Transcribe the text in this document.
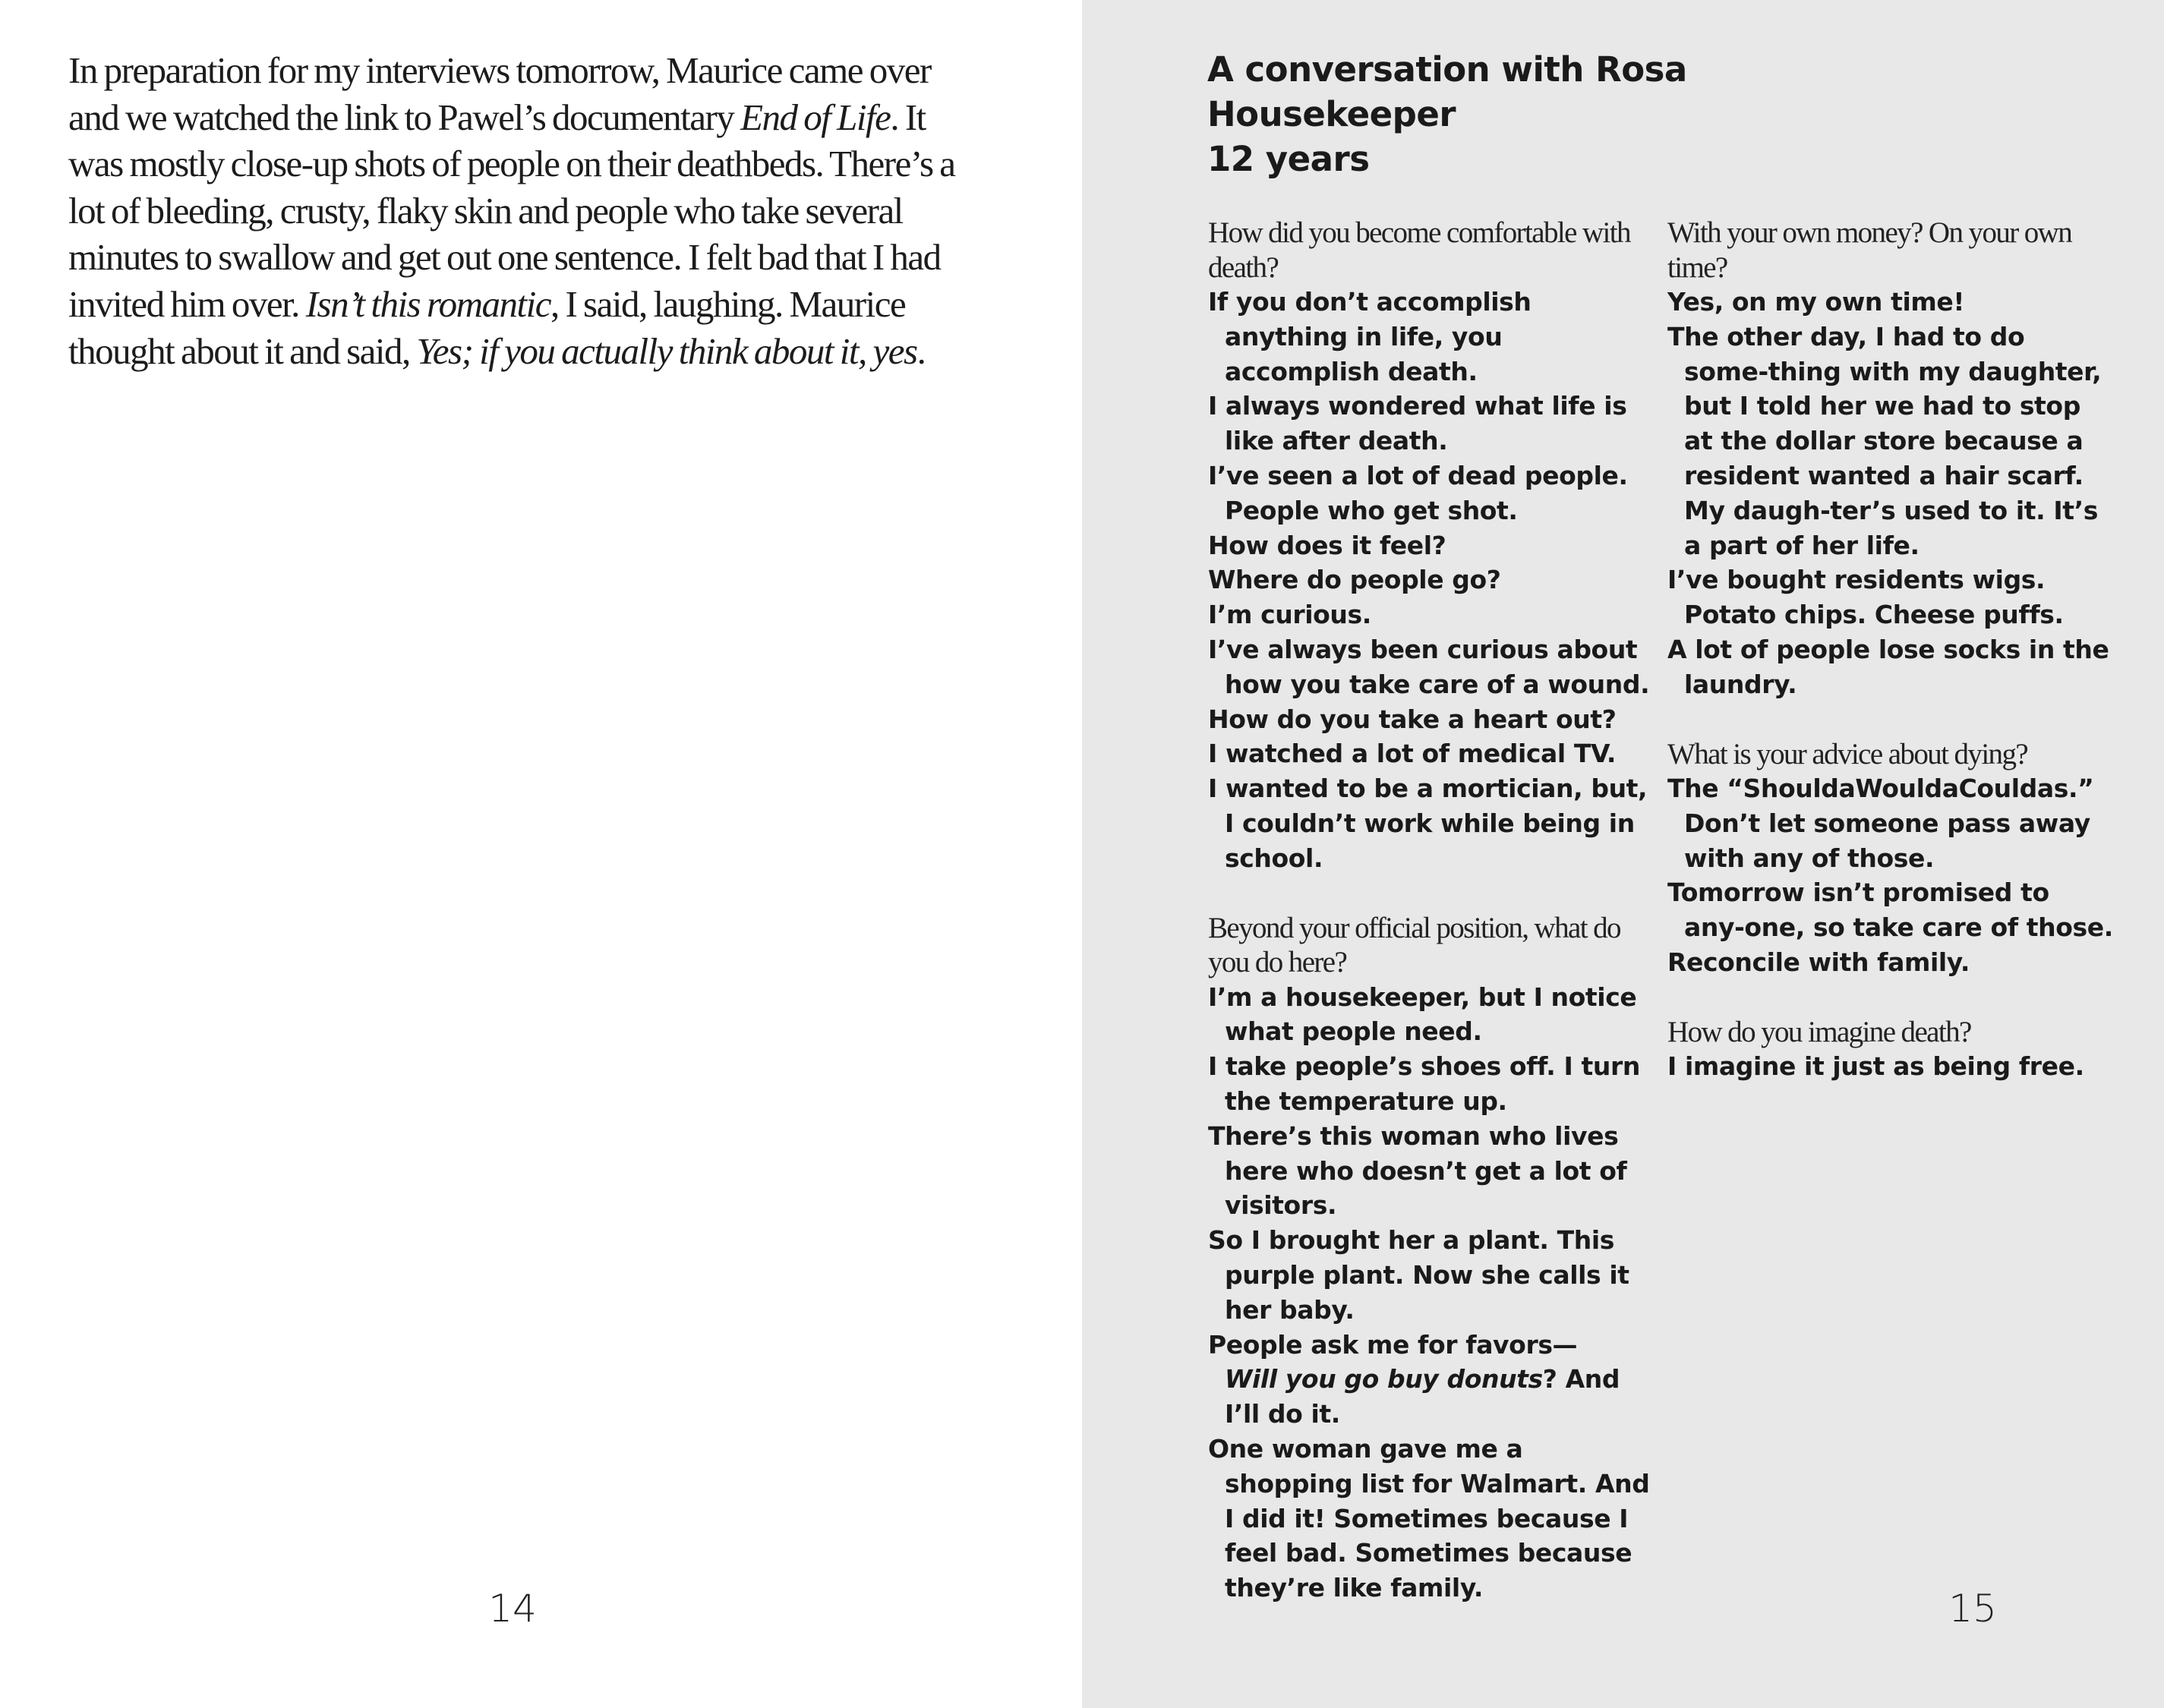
In preparation for my interviews tomorrow, Maurice came over and we watched the link to Pawel’s documentary End of Life. It was mostly close-up shots of people on their deathbeds. There’s a lot of bleeding, crusty, flaky skin and people who take several minutes to swallow and get out one sentence. I felt bad that I had invited him over. Isn’t this romantic, I said, laughing. Maurice thought about it and said, Yes; if you actually think about it, yes.

14
A conversation with Rosa
Housekeeper
12 years
How did you become comfortable with death?
If you don’t accomplish anything in life, you accomplish death.
I always wondered what life is like after death.
I’ve seen a lot of dead people. People who get shot.
How does it feel?
Where do people go?
I’m curious.
I’ve always been curious about how you take care of a wound.
How do you take a heart out?
I watched a lot of medical TV.
I wanted to be a mortician, but, I couldn’t work while being in school.
Beyond your official position, what do you do here?
I’m a housekeeper, but I notice what people need.
I take people’s shoes off. I turn the temperature up.
There’s this woman who lives here who doesn’t get a lot of visitors.
So I brought her a plant. This purple plant. Now she calls it her baby.
People ask me for favors—
Will you go buy donuts? And I’ll do it.
One woman gave me a shopping list for Walmart. And I did it! Sometimes because I feel bad. Sometimes because they’re like family.
With your own money? On your own time?
Yes, on my own time!
The other day, I had to do some-thing with my daughter, but I told her we had to stop at the dollar store because a resident wanted a hair scarf. My daugh-ter’s used to it. It’s a part of her life.
I’ve bought residents wigs. Potato chips. Cheese puffs.
A lot of people lose socks in the laundry.
What is your advice about dying?
The “ShouldaWouldaCouldas.” Don’t let someone pass away with any of those.
Tomorrow isn’t promised to any-one, so take care of those.
Reconcile with family.
How do you imagine death?
I imagine it just as being free.
15
